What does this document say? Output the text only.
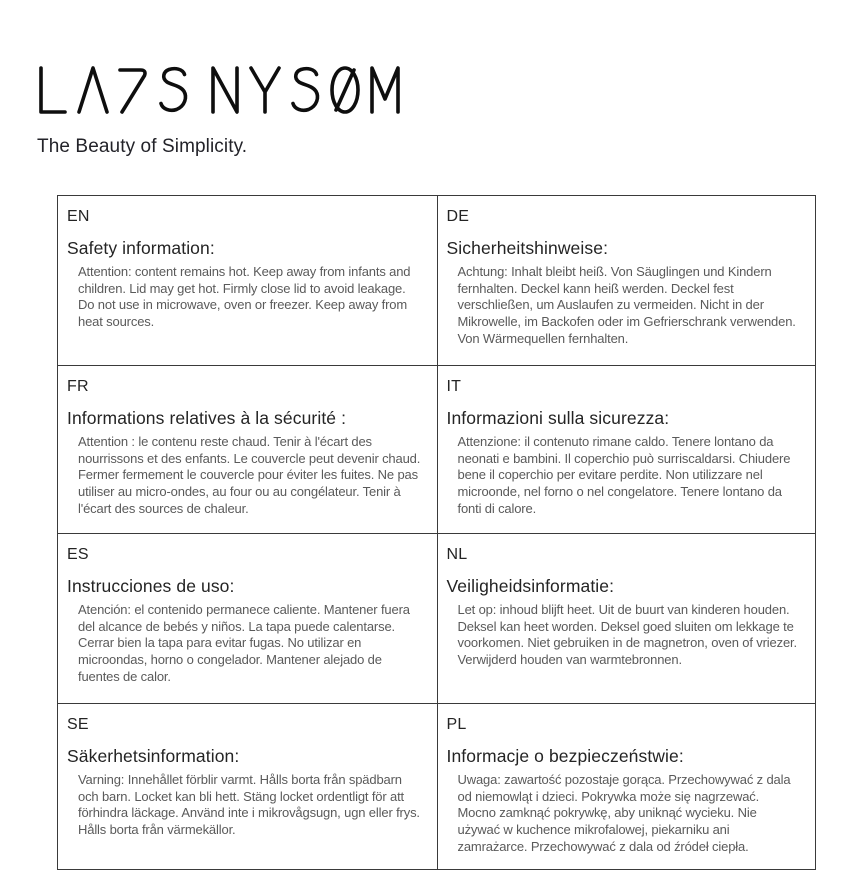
The Beauty of Simplicity.
EN
Safety information:

Attention: content remains hot. Keep away from infants and children. Lid may get hot. Firmly close lid to avoid leakage. Do not use in microwave, oven or freezer. Keep away from heat sources.

DE
Sicherheitshinweise:

Achtung: Inhalt bleibt heiß. Von Säuglingen und Kindern fernhalten. Deckel kann heiß werden. Deckel fest verschließen, um Auslaufen zu vermeiden. Nicht in der Mikrowelle, im Backofen oder im Gefrierschrank verwenden. Von Wärmequellen fernhalten.

FR
Informations relatives à la sécurité :

Attention : le contenu reste chaud. Tenir à l'écart des nourrissons et des enfants. Le couvercle peut devenir chaud. Fermer fermement le couvercle pour éviter les fuites. Ne pas utiliser au micro-ondes, au four ou au congélateur. Tenir à l'écart des sources de chaleur.

IT
Informazioni sulla sicurezza:

Attenzione: il contenuto rimane caldo. Tenere lontano da neonati e bambini. Il coperchio può surriscaldarsi. Chiudere bene il coperchio per evitare perdite. Non utilizzare nel microonde, nel forno o nel congelatore. Tenere lontano da fonti di calore.

ES
Instrucciones de uso:

Atención: el contenido permanece caliente. Mantener fuera del alcance de bebés y niños. La tapa puede calentarse. Cerrar bien la tapa para evitar fugas. No utilizar en microondas, horno o congelador. Mantener alejado de fuentes de calor.

NL
Veiligheidsinformatie:

Let op: inhoud blijft heet. Uit de buurt van kinderen houden. Deksel kan heet worden. Deksel goed sluiten om lekkage te voorkomen. Niet gebruiken in de magnetron, oven of vriezer. Verwijderd houden van warmtebronnen.

SE
Säkerhetsinformation:

Varning: Innehållet förblir varmt. Hålls borta från spädbarn och barn. Locket kan bli hett. Stäng locket ordentligt för att förhindra läckage. Använd inte i mikrovågsugn, ugn eller frys. Hålls borta från värmekällor.

PL
Informacje o bezpieczeństwie:

Uwaga: zawartość pozostaje gorąca. Przechowywać z dala od niemowląt i dzieci. Pokrywka może się nagrzewać. Mocno zamknąć pokrywkę, aby uniknąć wycieku. Nie używać w kuchence mikrofalowej, piekarniku ani zamrażarce. Przechowywać z dala od źródeł ciepła.
